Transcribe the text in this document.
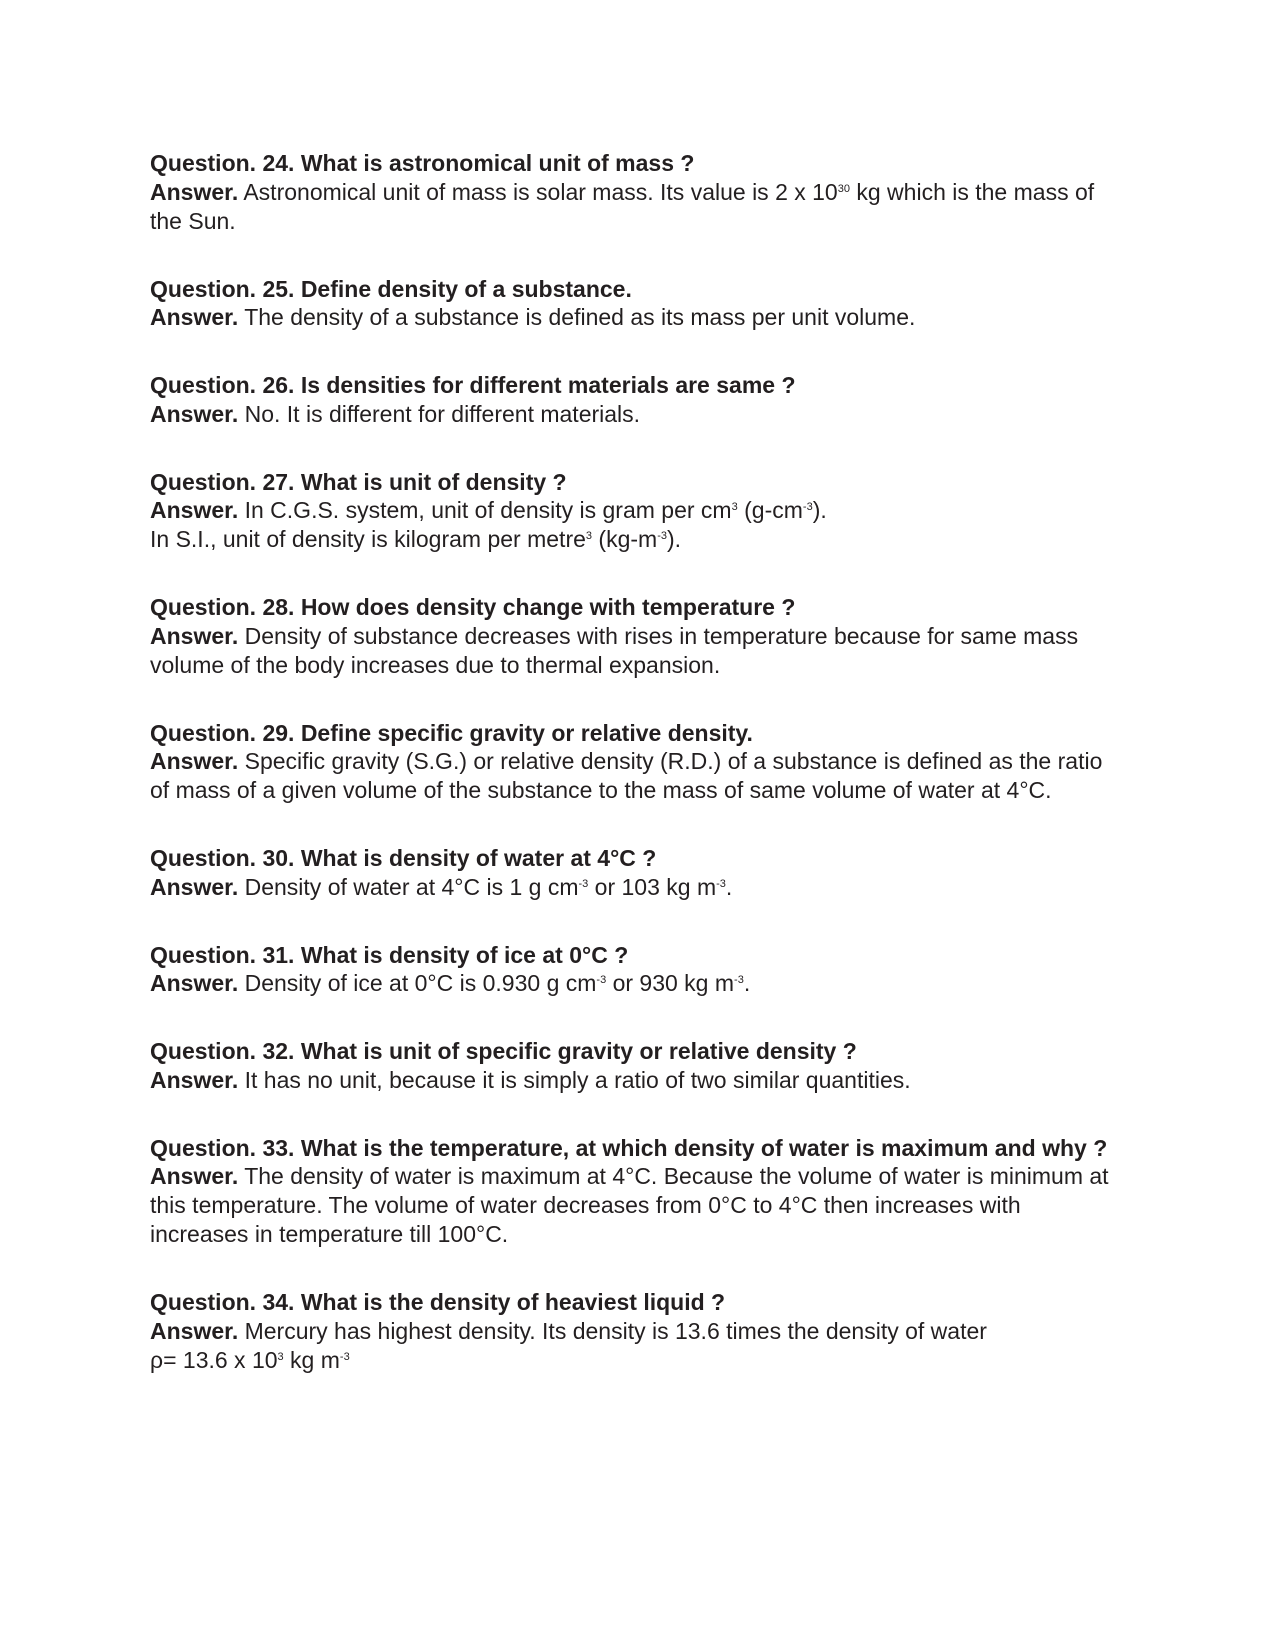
Question. 24. What is astronomical unit of mass ?

Answer. Astronomical unit of mass is solar mass. Its value is 2 x $10^{30}$ kg which is the mass of the Sun.

Question. 25. Define density of a substance.

Answer. The density of a substance is defined as its mass per unit volume.

Question. 26. Is densities for different materials are same ?

Answer. No. It is different for different materials.

Question. 27. What is unit of density ?

Answer. In C.G.S. system, unit of density is gram per $cm^3$ $(g-cm^{-3})$.

In S.I., unit of density is kilogram per metre$^3$ $(kg-m^{-3})$.

Question. 28. How does density change with temperature ?

Answer. Density of substance decreases with rises in temperature because for same mass volume of the body increases due to thermal expansion.

Question. 29. Define specific gravity or relative density.

Answer. Specific gravity (S.G.) or relative density (R.D.) of a substance is defined as the ratio of mass of a given volume of the substance to the mass of same volume of water at 4°C.

Question. 30. What is density of water at 4°C ?

Answer. Density of water at 4°C is 1 g $cm^{-3}$ or 103 kg $m^{-3}$.

Question. 31. What is density of ice at 0°C ?

Answer. Density of ice at 0°C is 0.930 g $cm^{-3}$ or 930 kg $m^{-3}$.

Question. 32. What is unit of specific gravity or relative density ?

Answer. It has no unit, because it is simply a ratio of two similar quantities.

Question. 33. What is the temperature, at which density of water is maximum and why ?

Answer. The density of water is maximum at 4°C. Because the volume of water is minimum at this temperature. The volume of water decreases from 0°C to 4°C then increases with increases in temperature till 100°C.

Question. 34. What is the density of heaviest liquid ?

Answer. Mercury has highest density. Its density is 13.6 times the density of water

ρ= 13.6 x $10^3$ kg $m^{-3}$
